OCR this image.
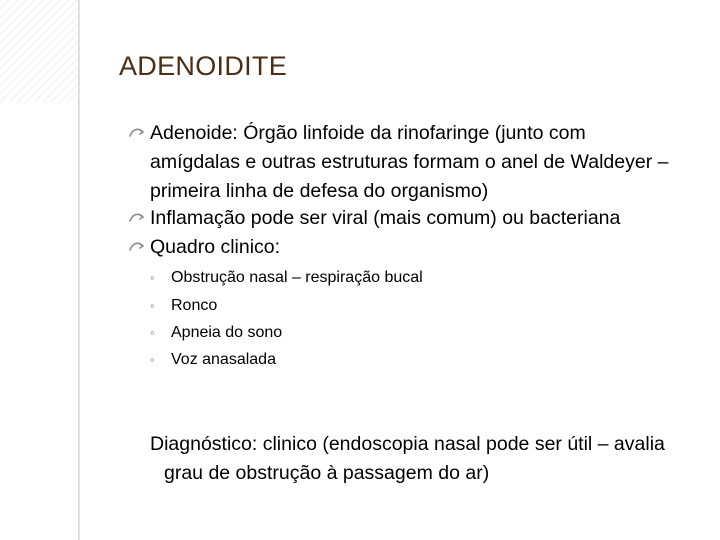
ADENOIDITE
Adenoide: Órgão linfoide da rinofaringe (junto com amígdalas e outras estruturas formam o anel de Waldeyer – primeira linha de defesa do organismo)
Inflamação pode ser viral (mais comum) ou bacteriana
Quadro clinico:
◦	Obstrução nasal – respiração bucal
◦	Ronco
◦	Apneia do sono
◦	Voz anasalada
Diagnóstico: clinico (endoscopia nasal pode ser útil – avalia grau de obstrução à passagem do ar)
